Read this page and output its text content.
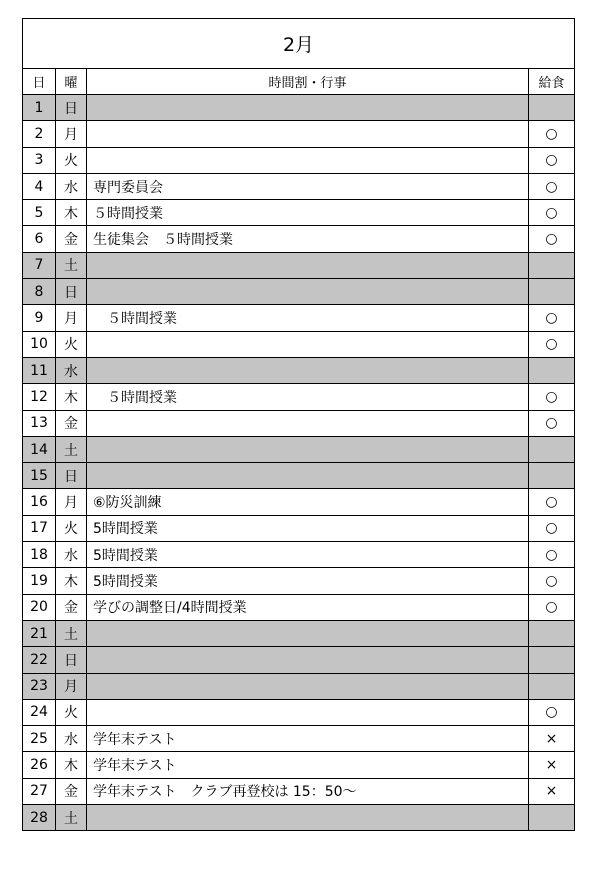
2月			
日	曜	時間割・行事	給食
1	日		
2	月		○
3	火		○
4	水	専門委員会	○
5	木	５時間授業	○
6	金	生徒集会　５時間授業	○
7	土		
8	日		
9	月	　５時間授業	○
10	火		○
11	水		
12	木	　５時間授業	○
13	金		○
14	土		
15	日		
16	月	⑥防災訓練	○
17	火	5時間授業	○
18	水	5時間授業	○
19	木	5時間授業	○
20	金	学びの調整日/4時間授業	○
21	土		
22	日		
23	月		
24	火		○
25	水	学年末テスト	×
26	木	学年末テスト	×
27	金	学年末テスト　クラブ再登校は 15：50～	×
28	土		
